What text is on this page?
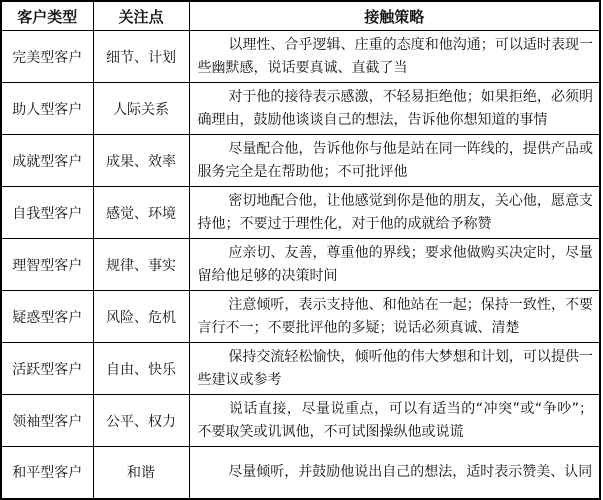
客户类型	关注点	接触策略
完美型客户	细节、计划	以理性、合乎逻辑、庄重的态度和他沟通；可以适时表现一些幽默感，说话要真诚、直截了当
助人型客户	人际关系	对于他的接待表示感激，不轻易拒绝他；如果拒绝，必须明确理由，鼓励他谈谈自己的想法，告诉他你想知道的事情
成就型客户	成果、效率	尽量配合他，告诉他你与他是站在同一阵线的，提供产品或服务完全是在帮助他；不可批评他
自我型客户	感觉、环境	密切地配合他，让他感觉到你是他的朋友，关心他，愿意支持他；不要过于理性化，对于他的成就给予称赞
理智型客户	规律、事实	应亲切、友善，尊重他的界线；要求他做购买决定时，尽量留给他足够的决策时间
疑惑型客户	风险、危机	注意倾听，表示支持他、和他站在一起；保持一致性，不要言行不一；不要批评他的多疑；说话必须真诚、清楚
活跃型客户	自由、快乐	保持交流轻松愉快，倾听他的伟大梦想和计划，可以提供一些建议或参考
领袖型客户	公平、权力	说话直接，尽量说重点，可以有适当的“冲突”或“争吵”；不要取笑或讥讽他，不可试图操纵他或说谎
和平型客户	和谐	尽量倾听，并鼓励他说出自己的想法，适时表示赞美、认同
